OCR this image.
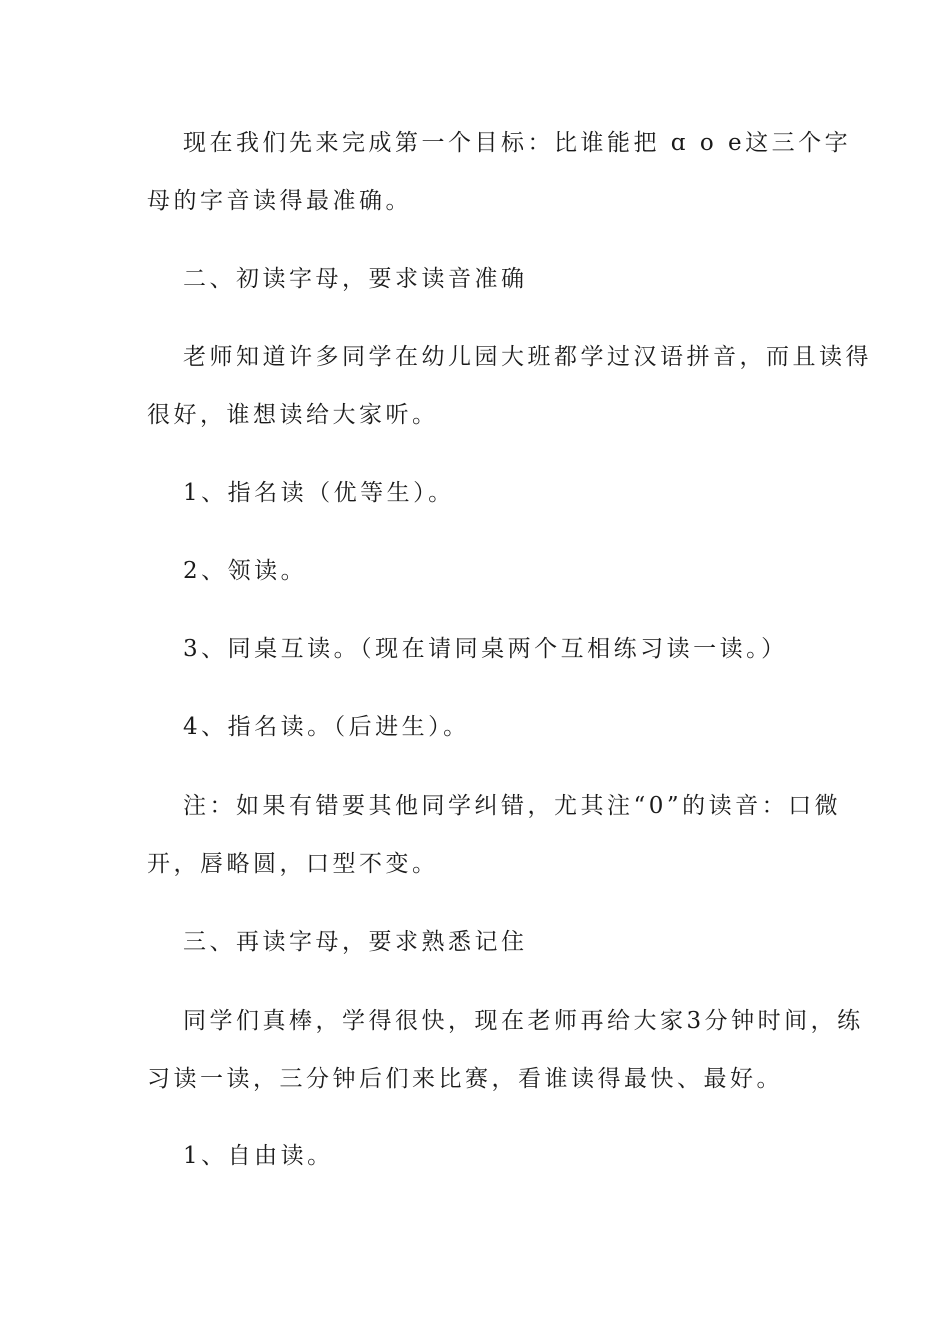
现在我们先来完成第一个目标：比谁能把 ɑ o e这三个字
母的字音读得最准确。
二、初读字母，要求读音准确
老师知道许多同学在幼儿园大班都学过汉语拼音，而且读得
很好，谁想读给大家听。
1、指名读（优等生）。
2、领读。
3、同桌互读。（现在请同桌两个互相练习读一读。）
4、指名读。（后进生）。
注：如果有错要其他同学纠错，尤其注“0”的读音：口微
开，唇略圆，口型不变。
三、再读字母，要求熟悉记住
同学们真棒，学得很快，现在老师再给大家3分钟时间，练
习读一读，三分钟后们来比赛，看谁读得最快、最好。
1、自由读。
